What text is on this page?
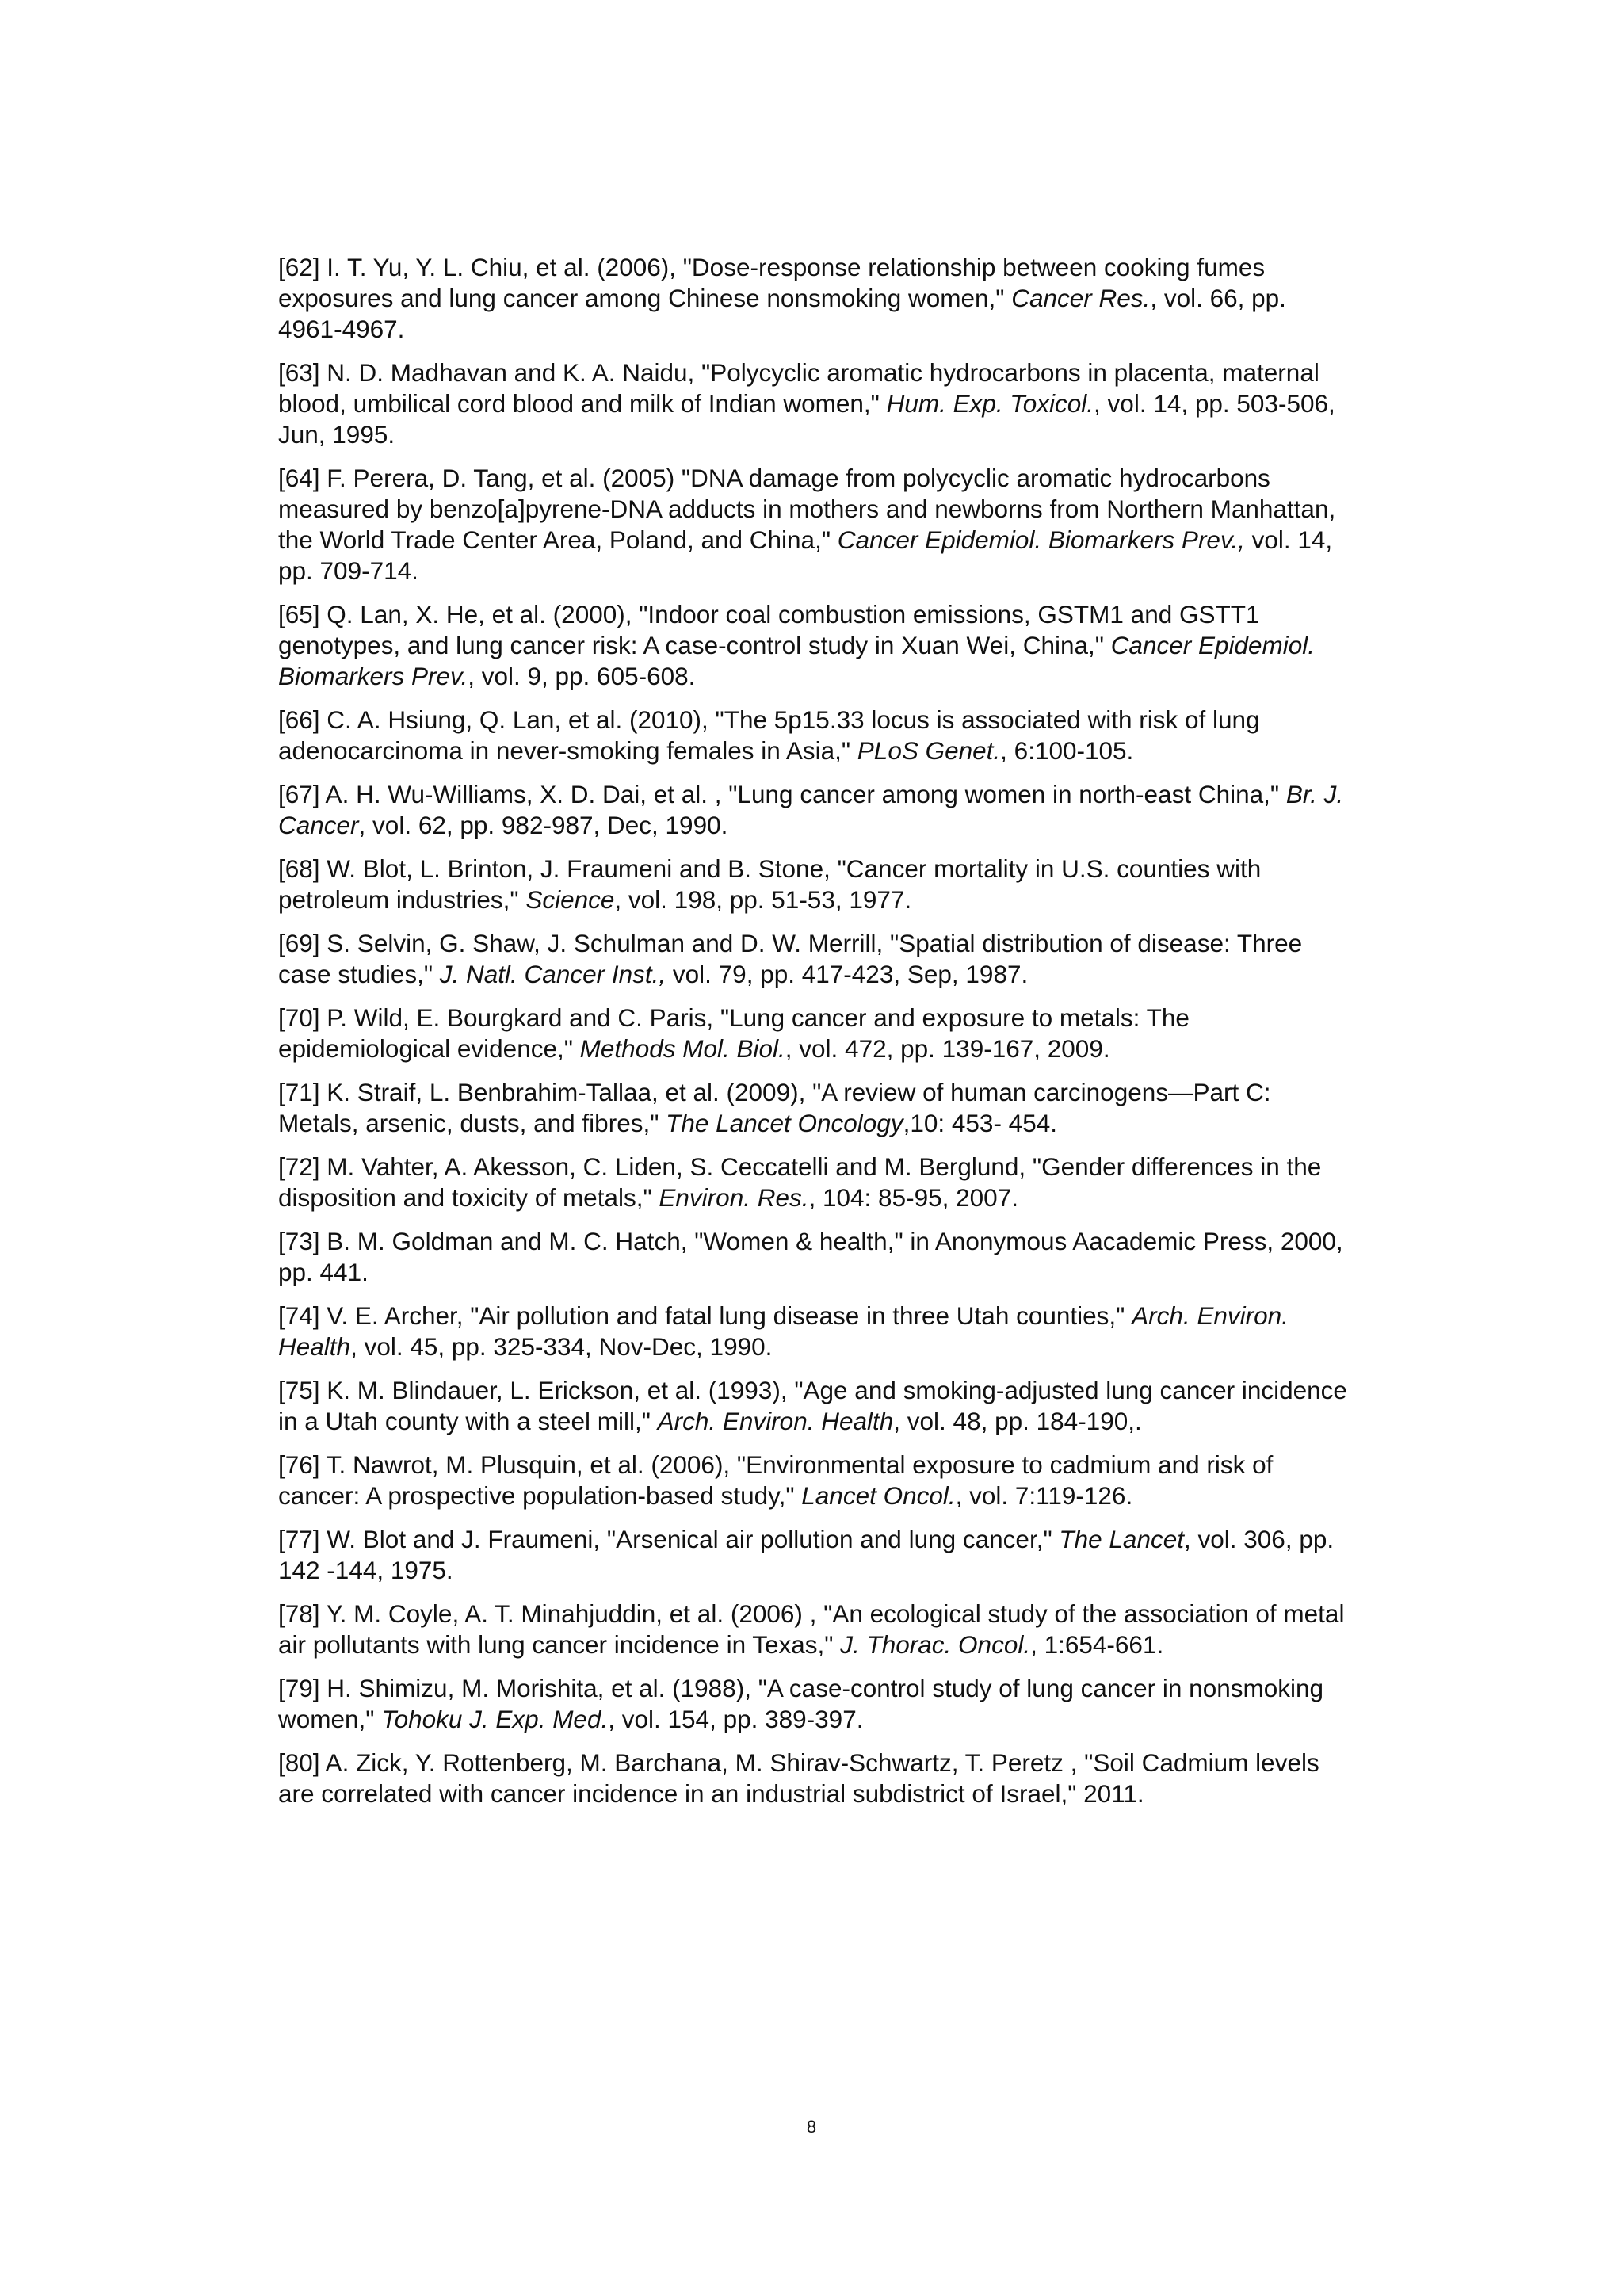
[62] I. T. Yu, Y. L. Chiu, et al. (2006), "Dose-response relationship between cooking fumes exposures and lung cancer among Chinese nonsmoking women," Cancer Res., vol. 66, pp. 4961-4967.

[63] N. D. Madhavan and K. A. Naidu, "Polycyclic aromatic hydrocarbons in placenta, maternal blood, umbilical cord blood and milk of Indian women," Hum. Exp. Toxicol., vol. 14, pp. 503-506, Jun, 1995.

[64] F. Perera, D. Tang, et al. (2005) "DNA damage from polycyclic aromatic hydrocarbons measured by benzo[a]pyrene-DNA adducts in mothers and newborns from Northern Manhattan, the World Trade Center Area, Poland, and China," Cancer Epidemiol. Biomarkers Prev., vol. 14, pp. 709-714.

[65] Q. Lan, X. He, et al. (2000), "Indoor coal combustion emissions, GSTM1 and GSTT1 genotypes, and lung cancer risk: A case-control study in Xuan Wei, China," Cancer Epidemiol. Biomarkers Prev., vol. 9, pp. 605-608.

[66] C. A. Hsiung, Q. Lan, et al. (2010), "The 5p15.33 locus is associated with risk of lung adenocarcinoma in never-smoking females in Asia," PLoS Genet., 6:100-105.

[67] A. H. Wu-Williams, X. D. Dai, et al. , "Lung cancer among women in north-east China," Br. J. Cancer, vol. 62, pp. 982-987, Dec, 1990.

[68] W. Blot, L. Brinton, J. Fraumeni and B. Stone, "Cancer mortality in U.S. counties with petroleum industries," Science, vol. 198, pp. 51-53, 1977.

[69] S. Selvin, G. Shaw, J. Schulman and D. W. Merrill, "Spatial distribution of disease: Three case studies," J. Natl. Cancer Inst., vol. 79, pp. 417-423, Sep, 1987.

[70] P. Wild, E. Bourgkard and C. Paris, "Lung cancer and exposure to metals: The epidemiological evidence," Methods Mol. Biol., vol. 472, pp. 139-167, 2009.

[71] K. Straif, L. Benbrahim-Tallaa, et al. (2009), "A review of human carcinogens—Part C: Metals, arsenic, dusts, and fibres," The Lancet Oncology,10: 453- 454.

[72] M. Vahter, A. Akesson, C. Liden, S. Ceccatelli and M. Berglund, "Gender differences in the disposition and toxicity of metals," Environ. Res., 104: 85-95, 2007.

[73] B. M. Goldman and M. C. Hatch, "Women & health," in Anonymous Aacademic Press, 2000, pp. 441.

[74] V. E. Archer, "Air pollution and fatal lung disease in three Utah counties," Arch. Environ. Health, vol. 45, pp. 325-334, Nov-Dec, 1990.

[75] K. M. Blindauer, L. Erickson, et al. (1993), "Age and smoking-adjusted lung cancer incidence in a Utah county with a steel mill," Arch. Environ. Health, vol. 48, pp. 184-190,.

[76] T. Nawrot, M. Plusquin, et al. (2006), "Environmental exposure to cadmium and risk of cancer: A prospective population-based study," Lancet Oncol., vol. 7:119-126.

[77] W. Blot and J. Fraumeni, "Arsenical air pollution and lung cancer," The Lancet, vol. 306, pp. 142 -144, 1975.

[78] Y. M. Coyle, A. T. Minahjuddin, et al. (2006) , "An ecological study of the association of metal air pollutants with lung cancer incidence in Texas," J. Thorac. Oncol., 1:654-661.

[79] H. Shimizu, M. Morishita, et al. (1988), "A case-control study of lung cancer in nonsmoking women," Tohoku J. Exp. Med., vol. 154, pp. 389-397.

[80] A. Zick, Y. Rottenberg, M. Barchana, M. Shirav-Schwartz, T. Peretz , "Soil Cadmium levels are correlated with cancer incidence in an industrial subdistrict of Israel," 2011.

8
